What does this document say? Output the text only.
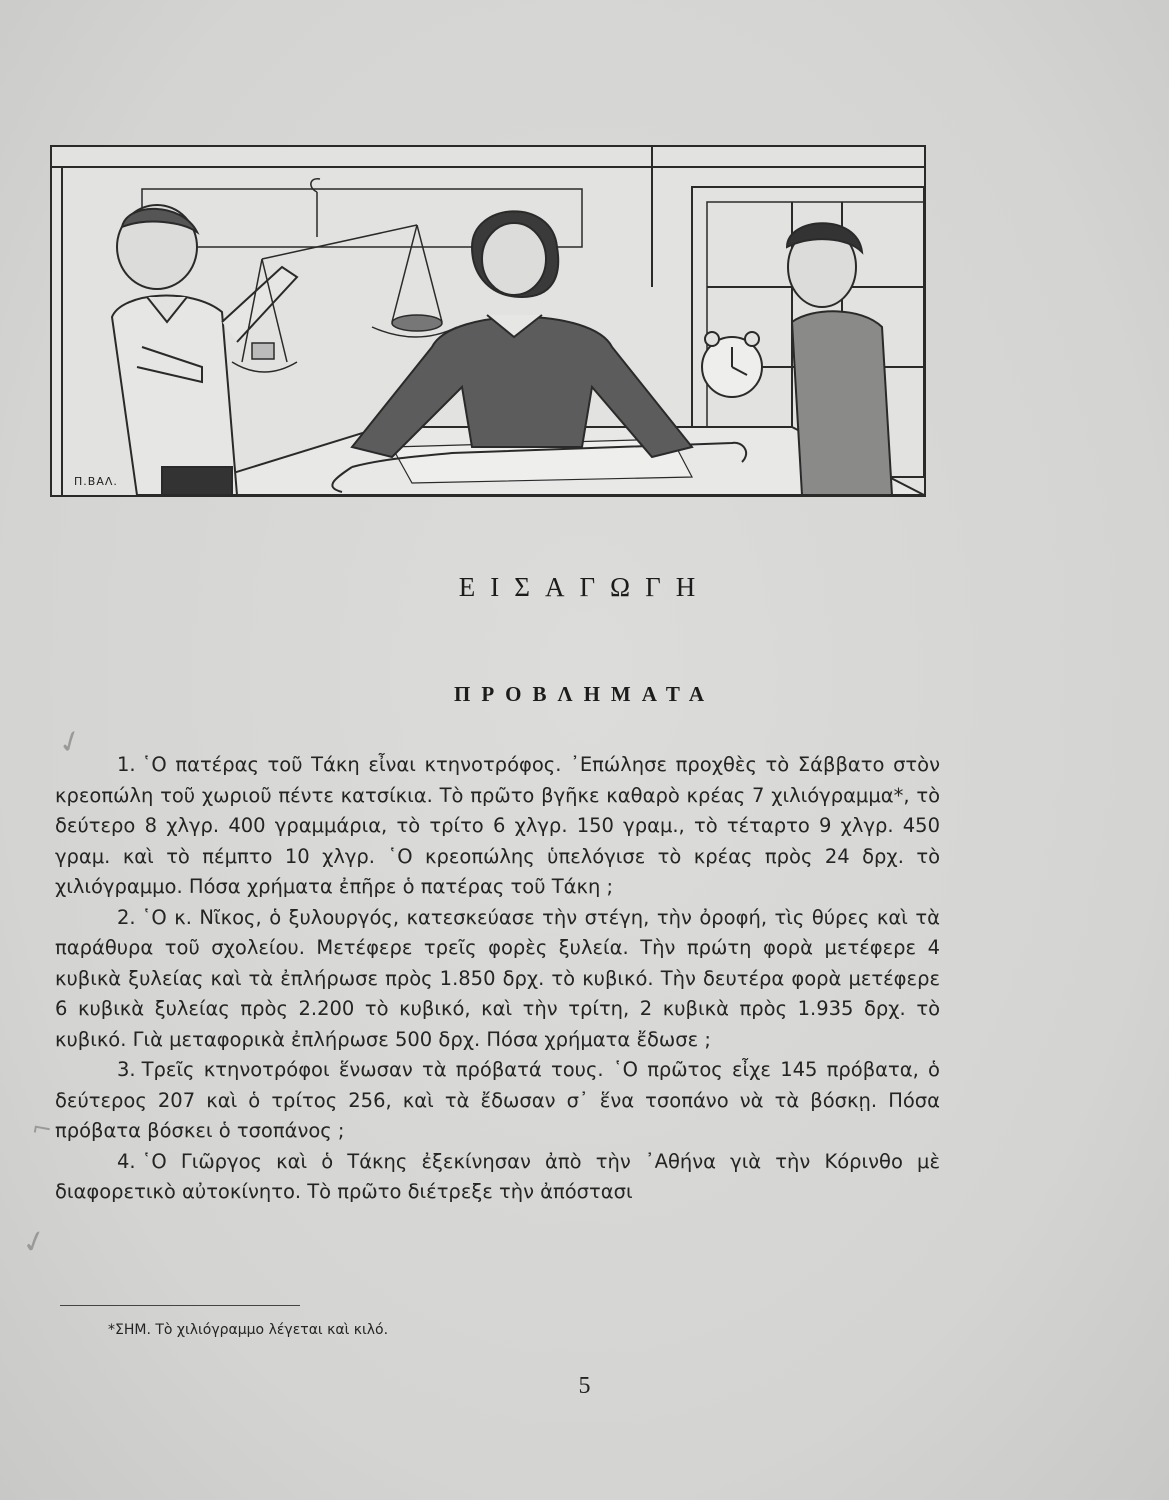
Π.ΒΑΛ.
ΕΙΣΑΓΩΓΗ
ΠΡΟΒΛΗΜΑΤΑ
✓
⌐
✓

1. ῾Ο πατέρας τοῦ Τάκη εἶναι κτηνοτρόφος. ᾽Επώλησε προχθὲς τὸ Σάββατο στὸν κρεοπώλη τοῦ χωριοῦ πέντε κατσίκια. Τὸ πρῶτο βγῆκε καθαρὸ κρέας 7 χιλιόγραμμα*, τὸ δεύτερο 8 χλγρ. 400 γραμμάρια, τὸ τρίτο 6 χλγρ. 150 γραμ., τὸ τέταρτο 9 χλγρ. 450 γραμ. καὶ τὸ πέμπτο 10 χλγρ. ῾Ο κρεοπώλης ὑπελόγισε τὸ κρέας πρὸς 24 δρχ. τὸ χιλιόγραμμο. Πόσα χρήματα ἐπῆρε ὁ πατέρας τοῦ Τάκη ;

2. ῾Ο κ. Νῖκος, ὁ ξυλουργός, κατεσκεύασε τὴν στέγη, τὴν ὀροφή, τὶς θύρες καὶ τὰ παράθυρα τοῦ σχολείου. Μετέφερε τρεῖς φορὲς ξυλεία. Τὴν πρώτη φορὰ μετέφερε 4 κυβικὰ ξυλείας καὶ τὰ ἐπλήρωσε πρὸς 1.850 δρχ. τὸ κυβικό. Τὴν δευτέρα φορὰ μετέφερε 6 κυβικὰ ξυλείας πρὸς 2.200 τὸ κυβικό, καὶ τὴν τρίτη, 2 κυβικὰ πρὸς 1.935 δρχ. τὸ κυβικό. Γιὰ μεταφορικὰ ἐπλήρωσε 500 δρχ. Πόσα χρήματα ἔδωσε ;

3. Τρεῖς κτηνοτρόφοι ἕνωσαν τὰ πρόβατά τους. ῾Ο πρῶτος εἶχε 145 πρόβατα, ὁ δεύτερος 207 καὶ ὁ τρίτος 256, καὶ τὰ ἔδωσαν σ᾽ ἕνα τσοπάνο νὰ τὰ βόσκῃ. Πόσα πρόβατα βόσκει ὁ τσοπάνος ;

4. ῾Ο Γιῶργος καὶ ὁ Τάκης ἐξεκίνησαν ἀπὸ τὴν ᾽Αθήνα γιὰ τὴν Κόρινθο μὲ διαφορετικὸ αὐτοκίνητο. Τὸ πρῶτο διέτρεξε τὴν ἀπόστασι

*ΣΗΜ. Τὸ χιλιόγραμμο λέγεται καὶ κιλό.
5
